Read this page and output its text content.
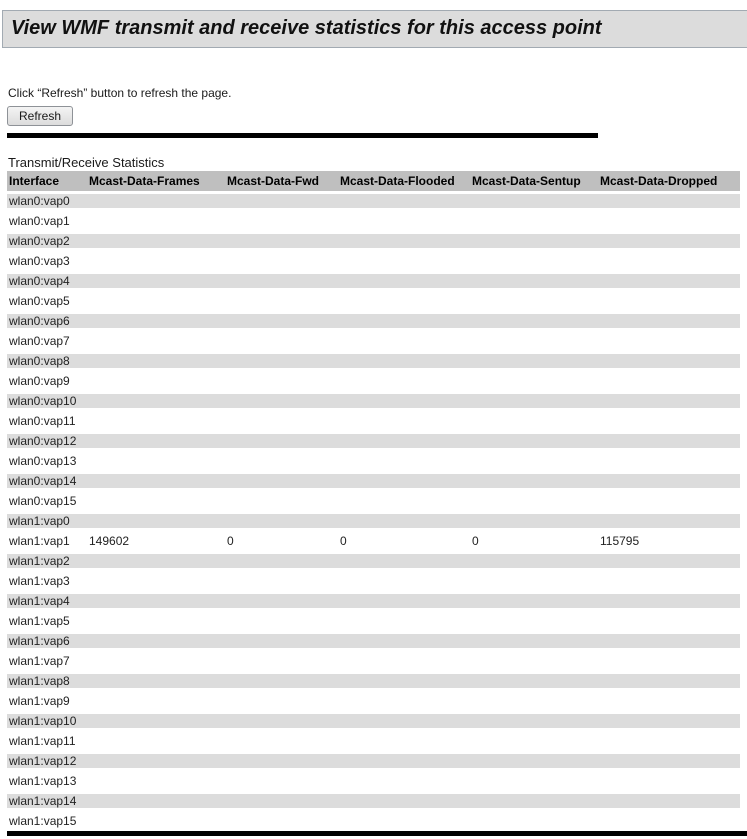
View WMF transmit and receive statistics for this access point
Click “Refresh” button to refresh the page.
Refresh
Transmit/Receive Statistics
Interface	Mcast-Data-Frames	Mcast-Data-Fwd	Mcast-Data-Flooded	Mcast-Data-Sentup	Mcast-Data-Dropped
wlan0:vap0					
wlan0:vap1					
wlan0:vap2					
wlan0:vap3					
wlan0:vap4					
wlan0:vap5					
wlan0:vap6					
wlan0:vap7					
wlan0:vap8					
wlan0:vap9					
wlan0:vap10					
wlan0:vap11					
wlan0:vap12					
wlan0:vap13					
wlan0:vap14					
wlan0:vap15					
wlan1:vap0					
wlan1:vap1	149602	0	0	0	115795
wlan1:vap2					
wlan1:vap3					
wlan1:vap4					
wlan1:vap5					
wlan1:vap6					
wlan1:vap7					
wlan1:vap8					
wlan1:vap9					
wlan1:vap10					
wlan1:vap11					
wlan1:vap12					
wlan1:vap13					
wlan1:vap14					
wlan1:vap15					
